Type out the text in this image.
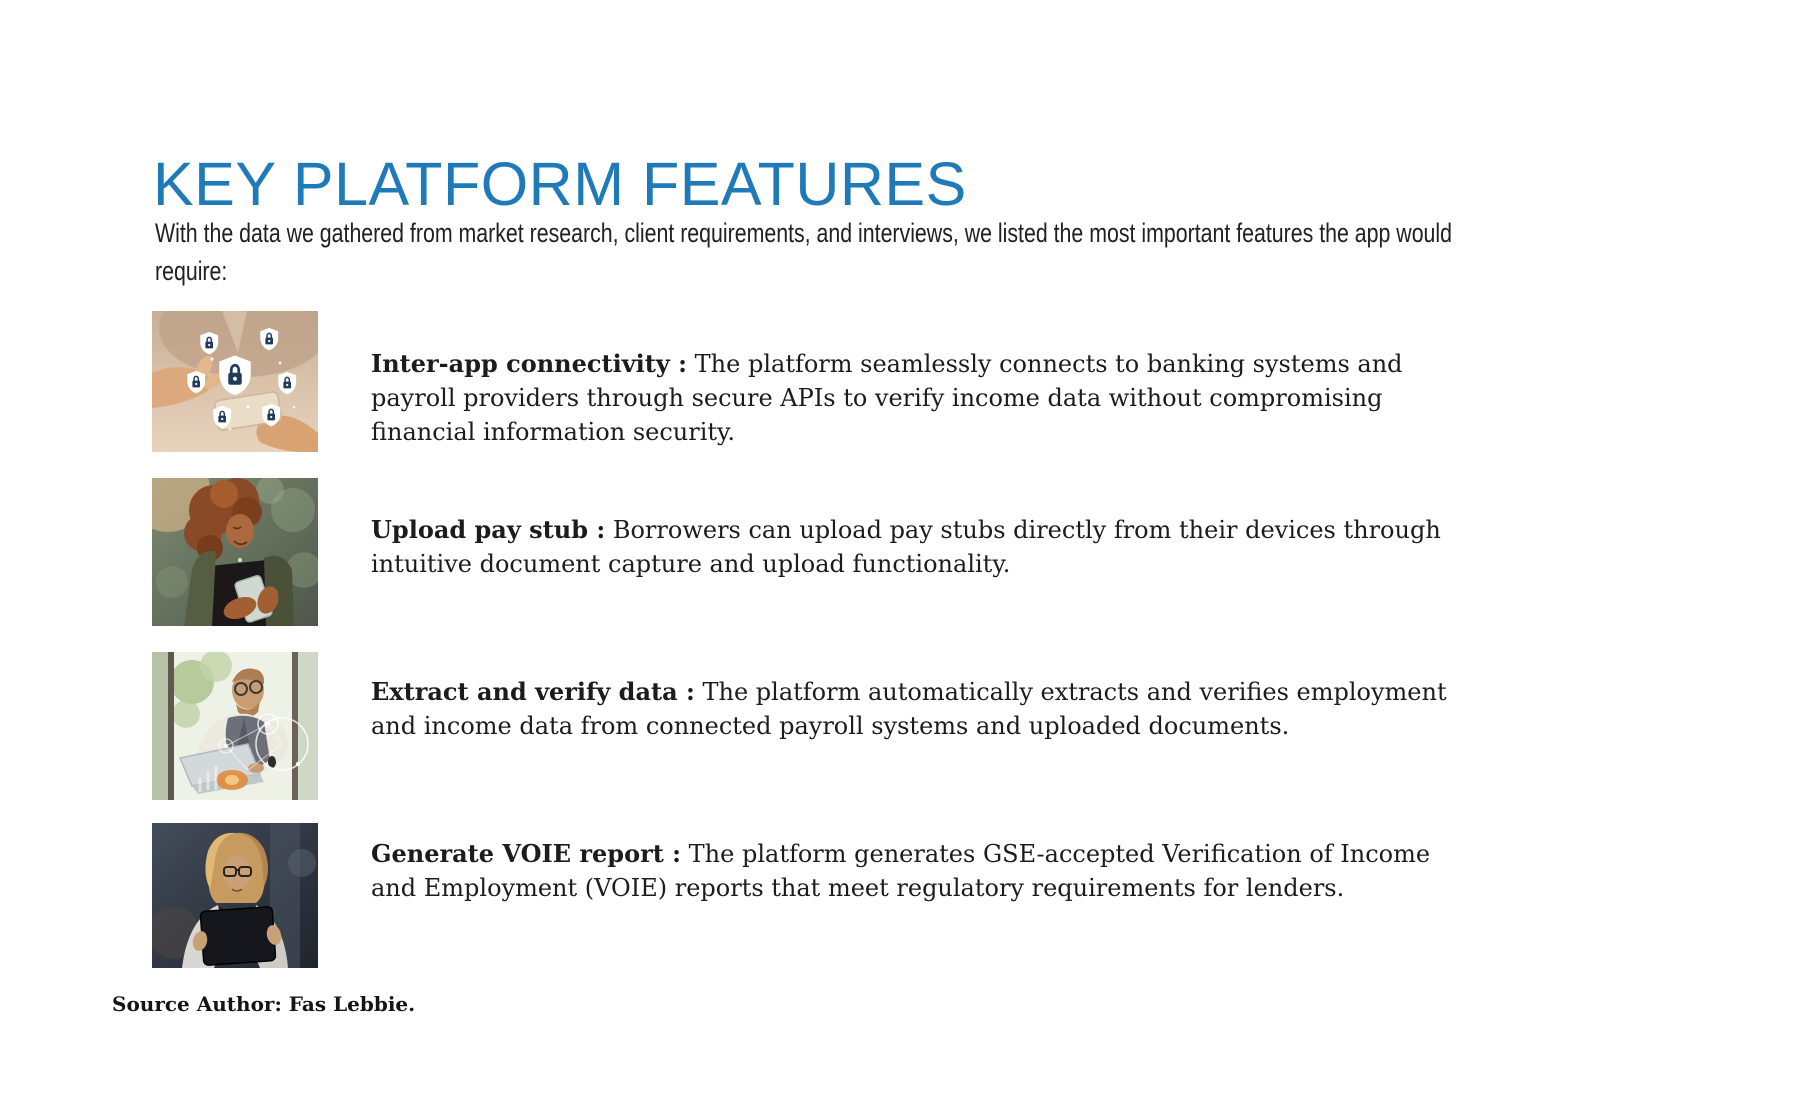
KEY PLATFORM FEATURES

With the data we gathered from market research, client requirements, and interviews, we listed the most important features the app would require:

Inter-app connectivity : The platform seamlessly connects to banking systems and payroll providers through secure APIs to verify income data without compromising financial information security.

Upload pay stub : Borrowers can upload pay stubs directly from their devices through intuitive document capture and upload functionality.

Extract and verify data : The platform automatically extracts and verifies employment and income data from connected payroll systems and uploaded documents.

Generate VOIE report : The platform generates GSE-accepted Verification of Income and Employment (VOIE) reports that meet regulatory requirements for lenders.

Source Author: Fas Lebbie.
